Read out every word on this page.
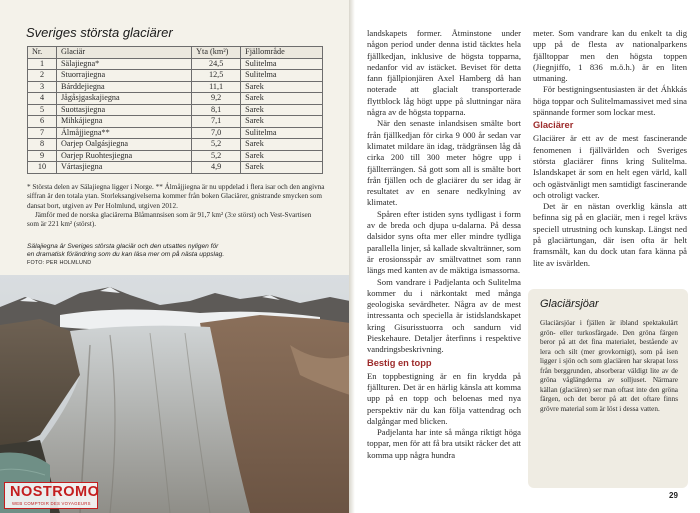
Sveriges största glaciärer
Nr.	Glaciär	Yta (km²)	Fjällområde
1	Sälajiegna*	24,5	Sulitelma
2	Stuorrajiegna	12,5	Sulitelma
3	Bárddejiegna	11,1	Sarek
4	Jågåsjgaskajiegna	9,2	Sarek
5	Suottasjiegna	8,1	Sarek
6	Mihkájiegna	7,1	Sarek
7	Álmåjjiegna**	7,0	Sulitelma
8	Oarjep Oalgásjiegna	5,2	Sarek
9	Oarjep Ruohtesjiegna	5,2	Sarek
10	Vártasjiegna	4,9	Sarek

* Största delen av Sälajiegna ligger i Norge. ** Álmåjjiegna är nu uppdelad i flera isar och den angivna siffran är den totala ytan. Storleksangivelserna kommer från boken Glaciärer, gnistrande smycken som dansat bort, utgiven av Per Holmlund, utgiven 2012.

Jämför med de norska glaciärerna Blåmannsisen som är 91,7 km² (3:e störst) och Vest-Svartisen som är 221 km² (störst).

Sälajiegna är Sveriges största glaciär och den utsattes nyligen för en dramatisk förändring som du kan läsa mer om på nästa uppslag. FOTO: PER HOLMLUND
NOSTROMO
WEB COMPTOIR DES VOYAGEURS

landskapets former. Åtminstone under någon period under denna istid täcktes hela fjällkedjan, inklusive de högsta topparna, nedanfor vid av istäcket. Beviset för detta fann fjällpionjären Axel Hamberg då han noterade att glacialt transporterade flyttblock låg högt uppe på sluttningar nära några av de högsta topparna.

När den senaste inlandsisen smälte bort från fjällkedjan för cirka 9 000 år sedan var klimatet mildare än idag, trädgränsen låg då cirka 200 till 300 meter högre upp i fjällterrängen. Så gott som all is smälte bort från fjällen och de glaciärer du ser idag är resultatet av en senare nedkylning av klimatet.

Spåren efter istiden syns tydligast i form av de breda och djupa u-dalarna. På dessa dalsidor syns ofta mer eller mindre tydliga parallella linjer, så kallade skvaltränner, som är erosionsspår av smältvattnet som rann längs med kanten av de mäktiga ismassorna.

Som vandrare i Padjelanta och Sulitelma kommer du i närkontakt med många geologiska sevärdheter. Några av de mest intressanta och speciella är istidslandskapet kring Gisurisstuorra och sandurn vid Pieskehaure. Detaljer återfinns i respektive vandringsbeskrivning.

Bestig en topp

En toppbestigning är en fin krydda på fjällturen. Det är en härlig känsla att komma upp på en topp och beloenas med nya perspektiv när du kan följa vattendrag och dalgångar med blicken.

Padjelanta har inte så många riktigt höga toppar, men för att få bra utsikt räcker det att komma upp några hundra

meter. Som vandrare kan du enkelt ta dig upp på de flesta av nationalparkens fjälltoppar men den högsta toppen (Jiegnjiffo, 1 836 m.ö.h.) är en liten utmaning.

För bestigningsentusiasten är det Áhkkás höga toppar och Sulitelmamassivet med sina spännande former som lockar mest.

Glaciärer

Glaciärer är ett av de mest fascinerande fenomenen i fjällvärlden och Sveriges största glaciärer finns kring Sulitelma. Islandskapet är som en helt egen värld, kall och ogästvänligt men samtidigt fascinerande och otroligt vacker.

Det är en nästan overklig känsla att befinna sig på en glaciär, men i regel krävs speciell utrustning och kunskap. Längst ned på glaciärtungan, där isen ofta är helt framsmält, kan du dock utan fara känna på lite av isvärlden.

Glaciärsjöar

Glaciärsjöar i fjällen är ibland spektakulärt grön- eller turkosfärgade. Den gröna färgen beror på att det fina materialet, bestående av lera och silt (mer grovkornigt), som på isen ligger i sjön och som glaciären har skrapat loss från berggrunden, absorberar väldigt lite av de gröna våglängderna av solljuset. Närmare källan (glaciären) ser man oftast inte den gröna färgen, och det beror på att det oftare finns grövre material som är löst i dessa vatten.

29
